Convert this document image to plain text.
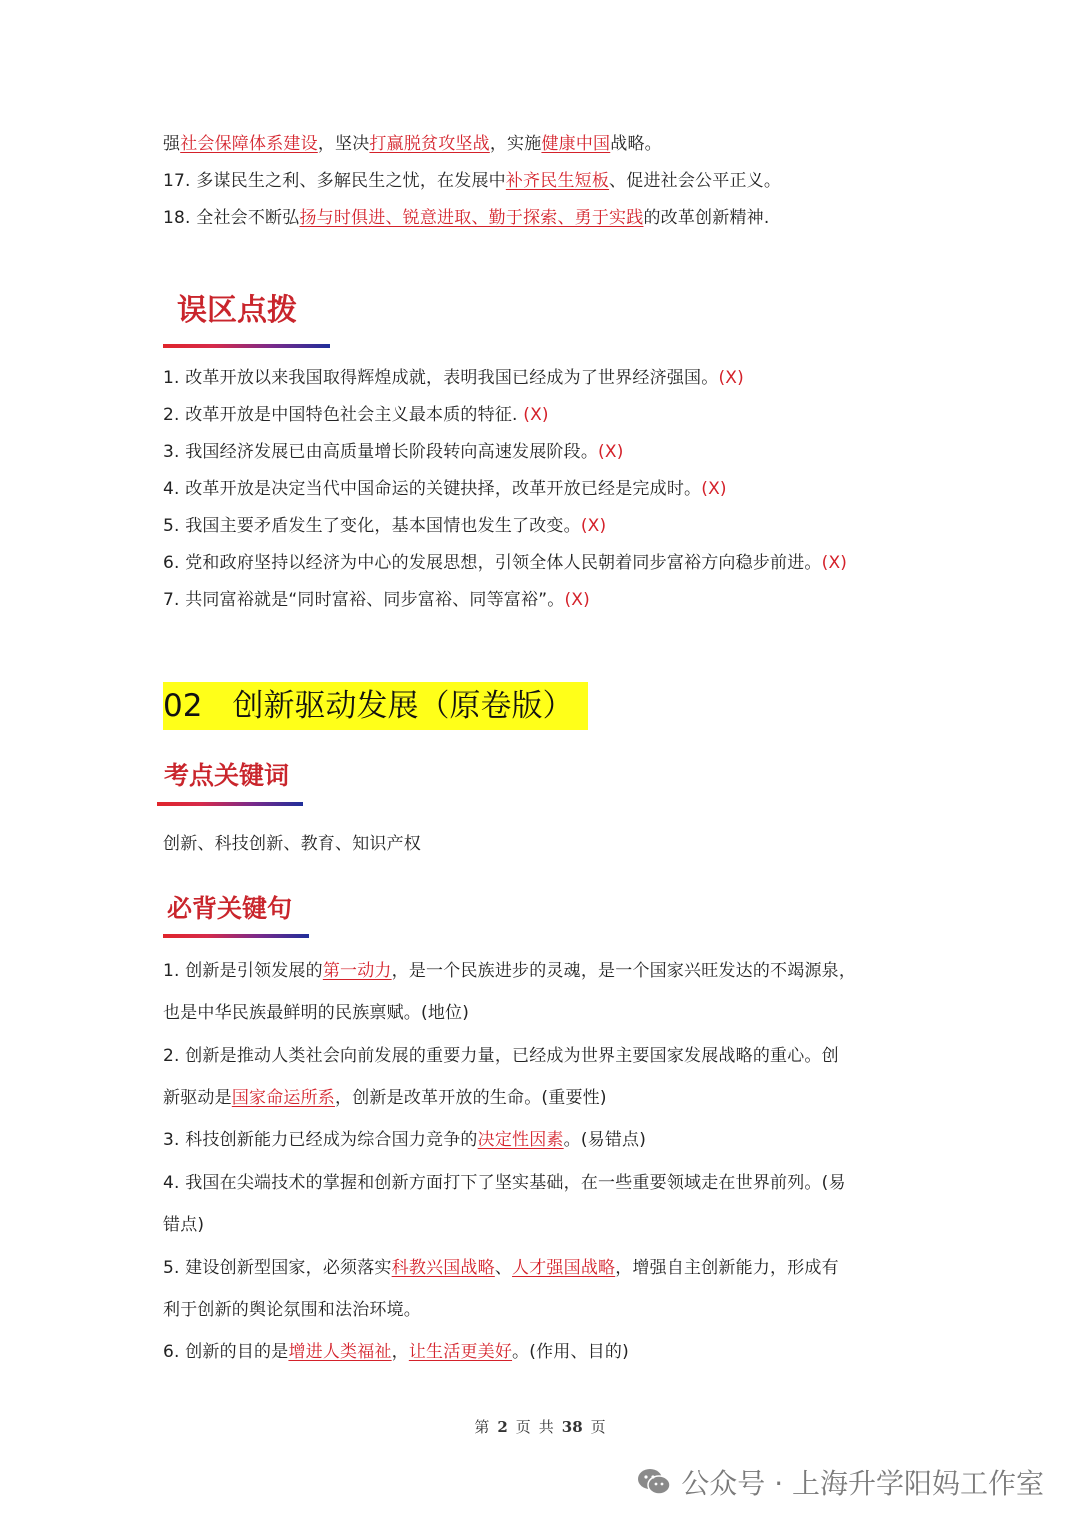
强社会保障体系建设，坚决打赢脱贫攻坚战，实施健康中国战略。
17. 多谋民生之利、多解民生之忧，在发展中补齐民生短板、促进社会公平正义。
18. 全社会不断弘扬与时俱进、锐意进取、勤于探索、勇于实践的改革创新精神.
误区点拨
1. 改革开放以来我国取得辉煌成就，表明我国已经成为了世界经济强国。(X)
2. 改革开放是中国特色社会主义最本质的特征. (X)
3. 我国经济发展已由高质量增长阶段转向高速发展阶段。(X)
4. 改革开放是决定当代中国命运的关键抉择，改革开放已经是完成时。(X)
5. 我国主要矛盾发生了变化，基本国情也发生了改变。(X)
6. 党和政府坚持以经济为中心的发展思想，引领全体人民朝着同步富裕方向稳步前进。(X)
7. 共同富裕就是“同时富裕、同步富裕、同等富裕”。(X)
02 创新驱动发展（原卷版）
考点关键词
创新、科技创新、教育、知识产权
必背关键句
1. 创新是引领发展的第一动力，是一个民族进步的灵魂，是一个国家兴旺发达的不竭源泉，
也是中华民族最鲜明的民族禀赋。(地位)
2. 创新是推动人类社会向前发展的重要力量，已经成为世界主要国家发展战略的重心。创
新驱动是国家命运所系，创新是改革开放的生命。(重要性)
3. 科技创新能力已经成为综合国力竞争的决定性因素。(易错点)
4. 我国在尖端技术的掌握和创新方面打下了坚实基础，在一些重要领域走在世界前列。(易
错点)
5. 建设创新型国家，必须落实科教兴国战略、人才强国战略，增强自主创新能力，形成有
利于创新的舆论氛围和法治环境。
6. 创新的目的是增进人类福祉，让生活更美好。(作用、目的)
第 2 页 共 38 页
公众号 · 上海升学阳妈工作室
